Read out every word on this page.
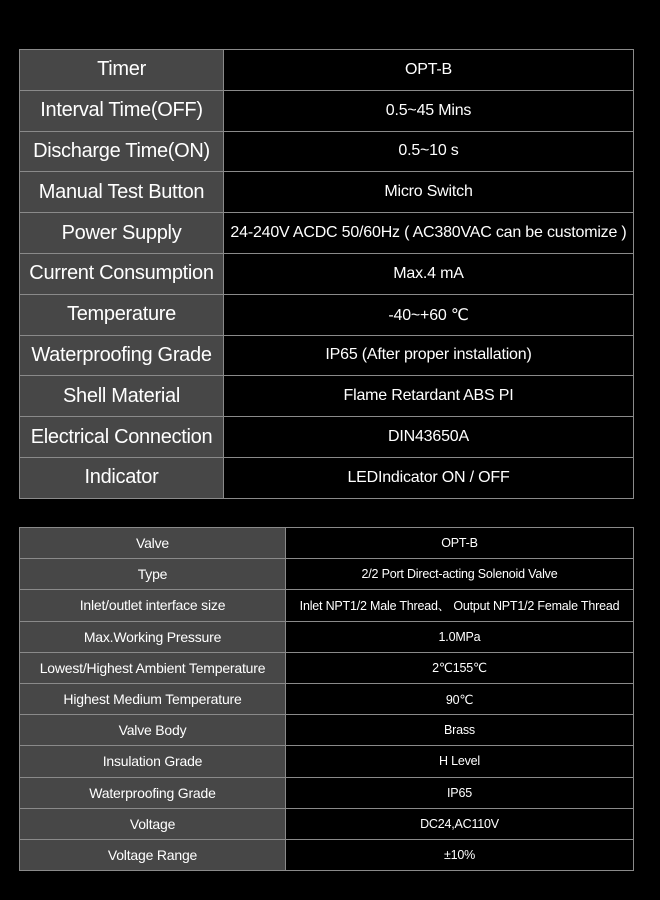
Timer	OPT-B
Interval Time(OFF)	0.5~45 Mins
Discharge Time(ON)	0.5~10 s
Manual Test Button	Micro Switch
Power Supply	24-240V ACDC 50/60Hz ( AC380VAC can be customize )
Current Consumption	Max.4 mA
Temperature	-40~+60 ℃
Waterproofing Grade	IP65 (After proper installation)
Shell Material	Flame Retardant ABS PI
Electrical Connection	DIN43650A
Indicator	LEDIndicator ON / OFF
Valve	OPT-B
Type	2/2 Port Direct-acting Solenoid Valve
Inlet/outlet interface size	Inlet NPT1/2 Male Thread、 Output NPT1/2 Female Thread
Max.Working Pressure	1.0MPa
Lowest/Highest Ambient Temperature	2℃155℃
Highest Medium Temperature	90℃
Valve Body	Brass
Insulation Grade	H Level
Waterproofing Grade	IP65
Voltage	DC24,AC110V
Voltage Range	±10%
